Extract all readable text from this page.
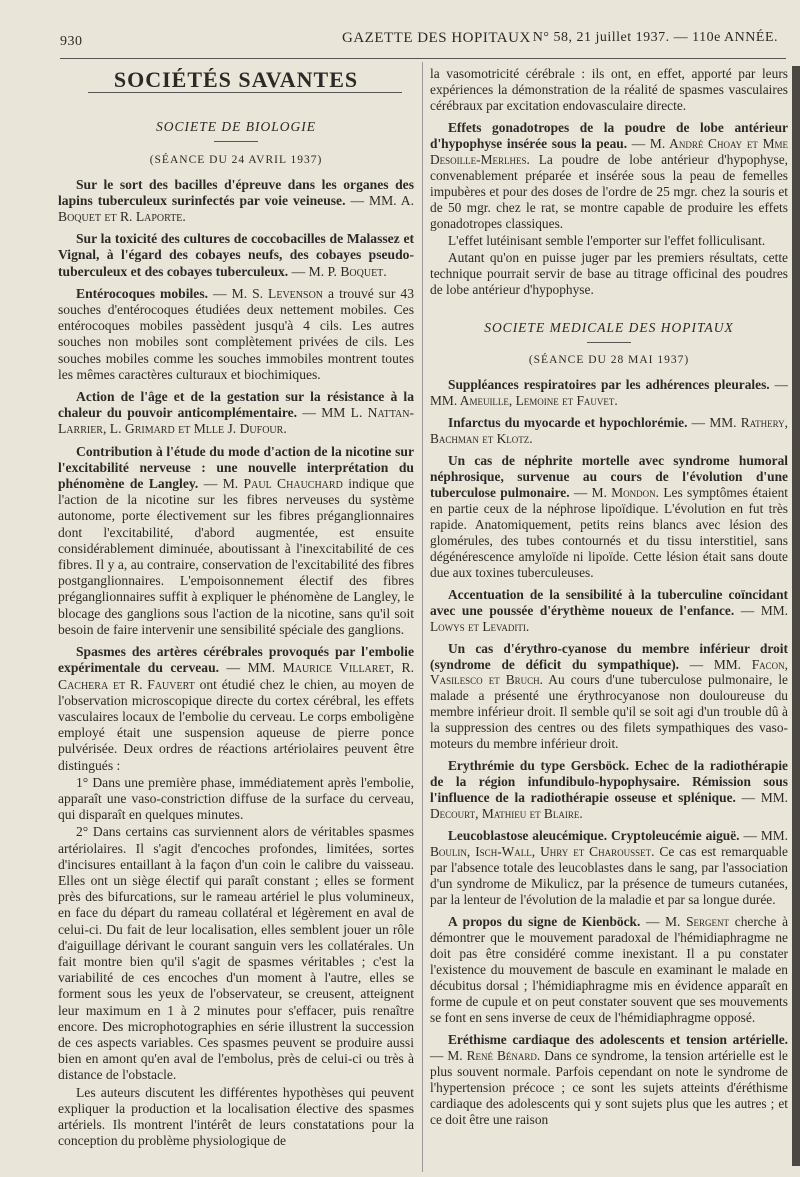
930	GAZETTE DES HOPITAUX N° 58, 21 juillet 1937. — 110e ANNÉE.
SOCIÉTÉS SAVANTES
SOCIETE DE BIOLOGIE
(SÉANCE DU 24 AVRIL 1937)

Sur le sort des bacilles d'épreuve dans les organes des lapins tuberculeux surinfectés par voie veineuse. — MM. A. Boquet et R. Laporte.

Sur la toxicité des cultures de coccobacilles de Malassez et Vignal, à l'égard des cobayes neufs, des cobayes pseudo-tuberculeux et des cobayes tuberculeux. — M. P. Boquet.

Entérocoques mobiles. — M. S. Levenson a trouvé sur 43 souches d'entérocoques étudiées deux nettement mobiles. Ces entérocoques mobiles passèdent jusqu'à 4 cils. Les autres souches non mobiles sont complètement privées de cils. Les souches mobiles comme les souches immobiles montrent toutes les mêmes caractères culturaux et biochimiques.

Action de l'âge et de la gestation sur la résistance à la chaleur du pouvoir anticomplémentaire. — MM L. Nattan-Larrier, L. Grimard et Mlle J. Dufour.

Contribution à l'étude du mode d'action de la nicotine sur l'excitabilité nerveuse : une nouvelle interprétation du phénomène de Langley. — M. Paul Chauchard indique que l'action de la nicotine sur les fibres nerveuses du système autonome, porte électivement sur les fibres préganglionnaires dont l'excitabilité, d'abord augmentée, est ensuite considérablement diminuée, aboutissant à l'inexcitabilité de ces fibres. Il y a, au contraire, conservation de l'excitabilité des fibres postganglionnaires. L'empoisonnement électif des fibres préganglionnaires suffit à expliquer le phénomène de Langley, le blocage des ganglions sous l'action de la nicotine, sans qu'il soit besoin de faire intervenir une sensibilité spéciale des ganglions.

Spasmes des artères cérébrales provoqués par l'embolie expérimentale du cerveau. — MM. Maurice Villaret, R. Cachera et R. Fauvert ont étudié chez le chien, au moyen de l'observation microscopique directe du cortex cérébral, les effets vasculaires locaux de l'embolie du cerveau. Le corps emboligène employé était une suspension aqueuse de pierre ponce pulvérisée. Deux ordres de réactions artériolaires peuvent être distingués :

1° Dans une première phase, immédiatement après l'embolie, apparaît une vaso-constriction diffuse de la surface du cerveau, qui disparaît en quelques minutes.

2° Dans certains cas surviennent alors de véritables spasmes artériolaires. Il s'agit d'encoches profondes, limitées, sortes d'incisures entaillant à la façon d'un coin le calibre du vaisseau. Elles ont un siège électif qui paraît constant ; elles se forment près des bifurcations, sur le rameau artériel le plus volumineux, en face du départ du rameau collatéral et légèrement en aval de celui-ci. Du fait de leur localisation, elles semblent jouer un rôle d'aiguillage dérivant le courant sanguin vers les collatérales. Un fait montre bien qu'il s'agit de spasmes véritables ; c'est la variabilité de ces encoches d'un moment à l'autre, elles se forment sous les yeux de l'observateur, se creusent, atteignent leur maximum en 1 à 2 minutes pour s'effacer, puis renaître encore. Des microphotographies en série illustrent la succession de ces aspects variables. Ces spasmes peuvent se produire aussi bien en amont qu'en aval de l'embolus, près de celui-ci ou très à distance de l'obstacle.

Les auteurs discutent les différentes hypothèses qui peuvent expliquer la production et la localisation élective des spasmes artériels. Ils montrent l'intérêt de leurs constatations pour la conception du problème physiologique de

la vasomotricité cérébrale : ils ont, en effet, apporté par leurs expériences la démonstration de la réalité de spasmes vasculaires cérébraux par excitation endovasculaire directe.

Effets gonadotropes de la poudre de lobe antérieur d'hypophyse insérée sous la peau. — M. André Choay et Mme Desoille-Merlhes. La poudre de lobe antérieur d'hypophyse, convenablement préparée et insérée sous la peau de femelles impubères et pour des doses de l'ordre de 25 mgr. chez la souris et de 50 mgr. chez le rat, se montre capable de produire les effets gonadotropes classiques.

L'effet lutéinisant semble l'emporter sur l'effet folliculisant.

Autant qu'on en puisse juger par les premiers résultats, cette technique pourrait servir de base au titrage officinal des poudres de lobe antérieur d'hypophyse.

SOCIETE MEDICALE DES HOPITAUX
(SÉANCE DU 28 MAI 1937)

Suppléances respiratoires par les adhérences pleurales. — MM. Ameuille, Lemoine et Fauvet.

Infarctus du myocarde et hypochlorémie. — MM. Rathery, Bachman et Klotz.

Un cas de néphrite mortelle avec syndrome humoral néphrosique, survenue au cours de l'évolution d'une tuberculose pulmonaire. — M. Mondon. Les symptômes étaient en partie ceux de la néphrose lipoïdique. L'évolution en fut très rapide. Anatomiquement, petits reins blancs avec lésion des glomérules, des tubes contournés et du tissu interstitiel, sans dégénérescence amyloïde ni lipoïde. Cette lésion était sans doute due aux toxines tuberculeuses.

Accentuation de la sensibilité à la tuberculine coïncidant avec une poussée d'érythème noueux de l'enfance. — MM. Lowys et Levaditi.

Un cas d'érythro-cyanose du membre inférieur droit (syndrome de déficit du sympathique). — MM. Facon, Vasilesco et Bruch. Au cours d'une tuberculose pulmonaire, le malade a présenté une érythrocyanose non douloureuse du membre inférieur droit. Il semble qu'il se soit agi d'un trouble dû à la suppression des centres ou des filets sympathiques des vaso-moteurs du membre inférieur droit.

Erythrémie du type Gersböck. Echec de la radiothérapie de la région infundibulo-hypophysaire. Rémission sous l'influence de la radiothérapie osseuse et splénique. — MM. Decourt, Mathieu et Blaire.

Leucoblastose aleucémique. Cryptoleucémie aiguë. — MM. Boulin, Isch-Wall, Uhry et Charousset. Ce cas est remarquable par l'absence totale des leucoblastes dans le sang, par l'association d'un syndrome de Mikulicz, par la présence de tumeurs cutanées, par la lenteur de l'évolution de la maladie et par sa longue durée.

A propos du signe de Kienböck. — M. Sergent cherche à démontrer que le mouvement paradoxal de l'hémidiaphragme ne doit pas être considéré comme inexistant. Il a pu constater l'existence du mouvement de bascule en examinant le malade en décubitus dorsal ; l'hémidiaphragme mis en évidence apparaît en forme de cupule et on peut constater souvent que ses mouvements se font en sens inverse de ceux de l'hémidiaphragme opposé.

Eréthisme cardiaque des adolescents et tension artérielle. — M. René Bénard. Dans ce syndrome, la tension artérielle est le plus souvent normale. Parfois cependant on note le syndrome de l'hypertension précoce ; ce sont les sujets atteints d'éréthisme cardiaque des adolescents qui y sont sujets plus que les autres ; et ce doit être une raison
